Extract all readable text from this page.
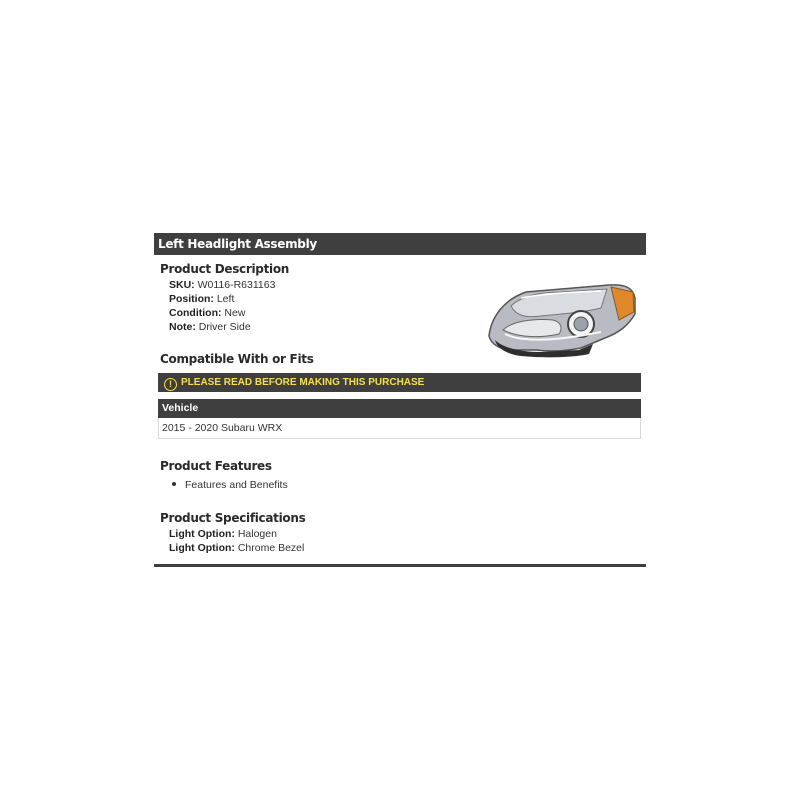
Left Headlight Assembly
Product Description
SKU: W0116-R631163
Position: Left
Condition: New
Note: Driver Side
Compatible With or Fits
! PLEASE READ BEFORE MAKING THIS PURCHASE
Vehicle
2015 - 2020 Subaru WRX
Product Features
Features and Benefits
Product Specifications
Light Option: Halogen
Light Option: Chrome Bezel
